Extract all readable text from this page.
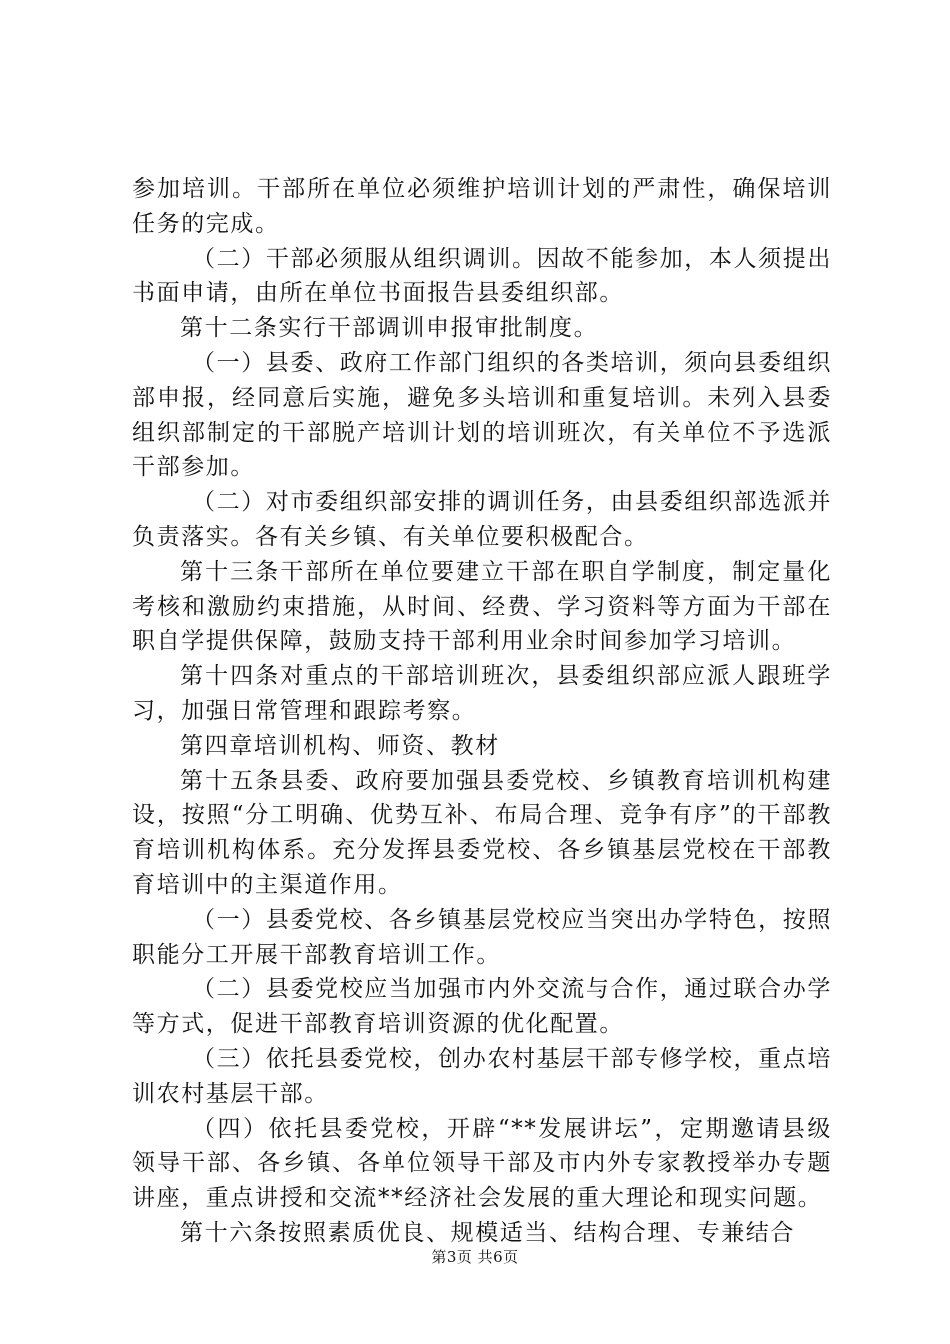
参加培训。干部所在单位必须维护培训计划的严肃性，确保培训任务的完成。

（二）干部必须服从组织调训。因故不能参加，本人须提出书面申请，由所在单位书面报告县委组织部。

第十二条实行干部调训申报审批制度。

（一）县委、政府工作部门组织的各类培训，须向县委组织部申报，经同意后实施，避免多头培训和重复培训。未列入县委组织部制定的干部脱产培训计划的培训班次，有关单位不予选派干部参加。

（二）对市委组织部安排的调训任务，由县委组织部选派并负责落实。各有关乡镇、有关单位要积极配合。

第十三条干部所在单位要建立干部在职自学制度，制定量化考核和激励约束措施，从时间、经费、学习资料等方面为干部在职自学提供保障，鼓励支持干部利用业余时间参加学习培训。

第十四条对重点的干部培训班次，县委组织部应派人跟班学习，加强日常管理和跟踪考察。

第四章培训机构、师资、教材

第十五条县委、政府要加强县委党校、乡镇教育培训机构建设，按照“分工明确、优势互补、布局合理、竞争有序”的干部教育培训机构体系。充分发挥县委党校、各乡镇基层党校在干部教育培训中的主渠道作用。

（一）县委党校、各乡镇基层党校应当突出办学特色，按照职能分工开展干部教育培训工作。

（二）县委党校应当加强市内外交流与合作，通过联合办学等方式，促进干部教育培训资源的优化配置。

（三）依托县委党校，创办农村基层干部专修学校，重点培训农村基层干部。

（四）依托县委党校，开辟“**发展讲坛”，定期邀请县级领导干部、各乡镇、各单位领导干部及市内外专家教授举办专题讲座，重点讲授和交流**经济社会发展的重大理论和现实问题。

第十六条按照素质优良、规模适当、结构合理、专兼结合

第3页 共6页
